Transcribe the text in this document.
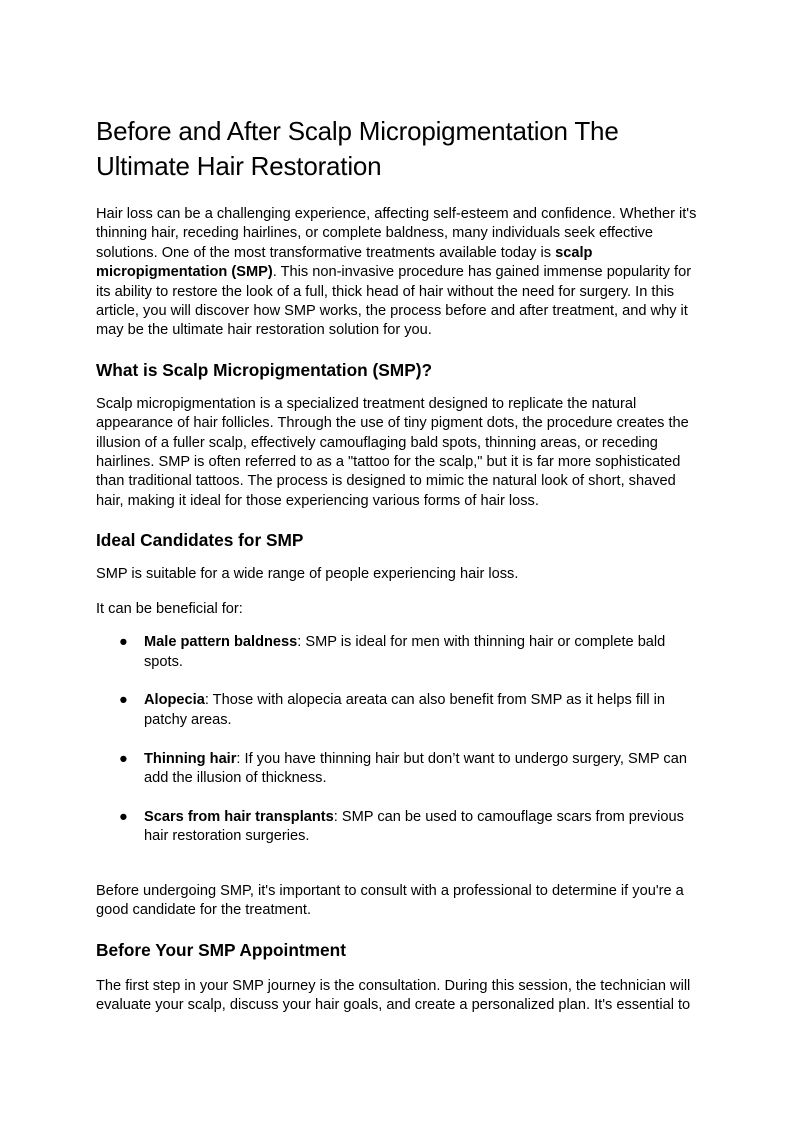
Before and After Scalp Micropigmentation The Ultimate Hair Restoration

Hair loss can be a challenging experience, affecting self-esteem and confidence. Whether it's thinning hair, receding hairlines, or complete baldness, many individuals seek effective solutions. One of the most transformative treatments available today is scalp micropigmentation (SMP). This non-invasive procedure has gained immense popularity for its ability to restore the look of a full, thick head of hair without the need for surgery. In this article, you will discover how SMP works, the process before and after treatment, and why it may be the ultimate hair restoration solution for you.

What is Scalp Micropigmentation (SMP)?

Scalp micropigmentation is a specialized treatment designed to replicate the natural appearance of hair follicles. Through the use of tiny pigment dots, the procedure creates the illusion of a fuller scalp, effectively camouflaging bald spots, thinning areas, or receding hairlines. SMP is often referred to as a "tattoo for the scalp," but it is far more sophisticated than traditional tattoos. The process is designed to mimic the natural look of short, shaved hair, making it ideal for those experiencing various forms of hair loss.

Ideal Candidates for SMP

SMP is suitable for a wide range of people experiencing hair loss.

It can be beneficial for:

● Male pattern baldness: SMP is ideal for men with thinning hair or complete bald spots.
● Alopecia: Those with alopecia areata can also benefit from SMP as it helps fill in patchy areas.
● Thinning hair: If you have thinning hair but don’t want to undergo surgery, SMP can add the illusion of thickness.
● Scars from hair transplants: SMP can be used to camouflage scars from previous hair restoration surgeries.

Before undergoing SMP, it's important to consult with a professional to determine if you're a good candidate for the treatment.

Before Your SMP Appointment

The first step in your SMP journey is the consultation. During this session, the technician will evaluate your scalp, discuss your hair goals, and create a personalized plan. It's essential to
